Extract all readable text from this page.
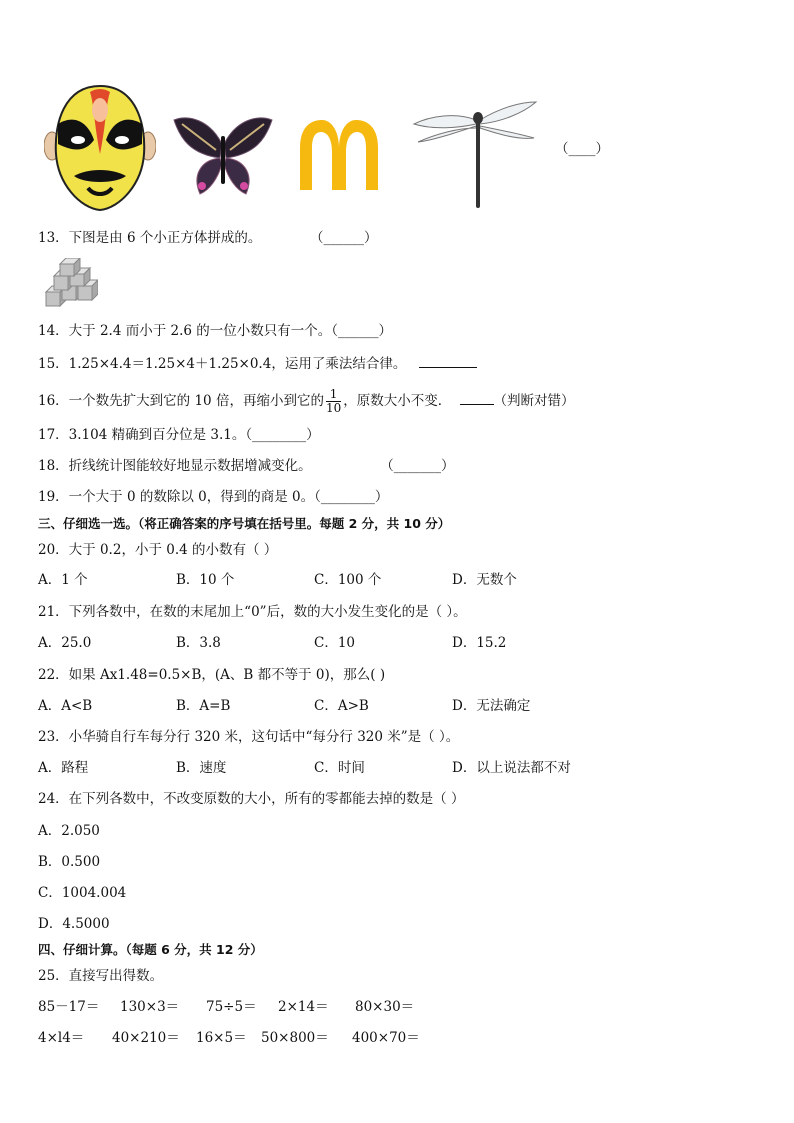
（____）
13．下图是由 6 个小正方体拼成的。	（______）
14．大于 2.4 而小于 2.6 的一位小数只有一个。（______）
15．1.25×4.4＝1.25×4＋1.25×0.4，运用了乘法结合律。
16．一个数先扩大到它的 10 倍，再缩小到它的 $\frac{1}{10}$ ，原数大小不变．	（判断对错）
17．3.104 精确到百分位是 3.1。（________）
18．折线统计图能较好地显示数据增减变化。	（_______）
19．一个大于 0 的数除以 0，得到的商是 0。（________）
三、仔细选一选。（将正确答案的序号填在括号里。每题 2 分，共 10 分）
20．大于 0.2，小于 0.4 的小数有（ ）
A．1 个	B．10 个	C．100 个	D．无数个
21．下列各数中，在数的末尾加上“0”后，数的大小发生变化的是（ ）。
A．25.0	B．3.8	C．10	D．15.2
22．如果 Ax1.48=0.5×B，(A、B 都不等于 0)，那么( )
A．A<B	B．A=B	C．A>B	D．无法确定
23．小华骑自行车每分行 320 米，这句话中“每分行 320 米”是（ ）。
A．路程	B．速度	C．时间	D．以上说法都不对
24．在下列各数中，不改变原数的大小，所有的零都能去掉的数是（ ）
A．2.050
B．0.500
C．1004.004
D．4.5000
四、仔细计算。（每题 6 分，共 12 分）
25．直接写出得数。
85－17＝ 130×3＝ 75÷5＝ 2×14＝ 80×30＝
4×l4＝ 40×210＝ 16×5＝ 50×800＝ 400×70＝
